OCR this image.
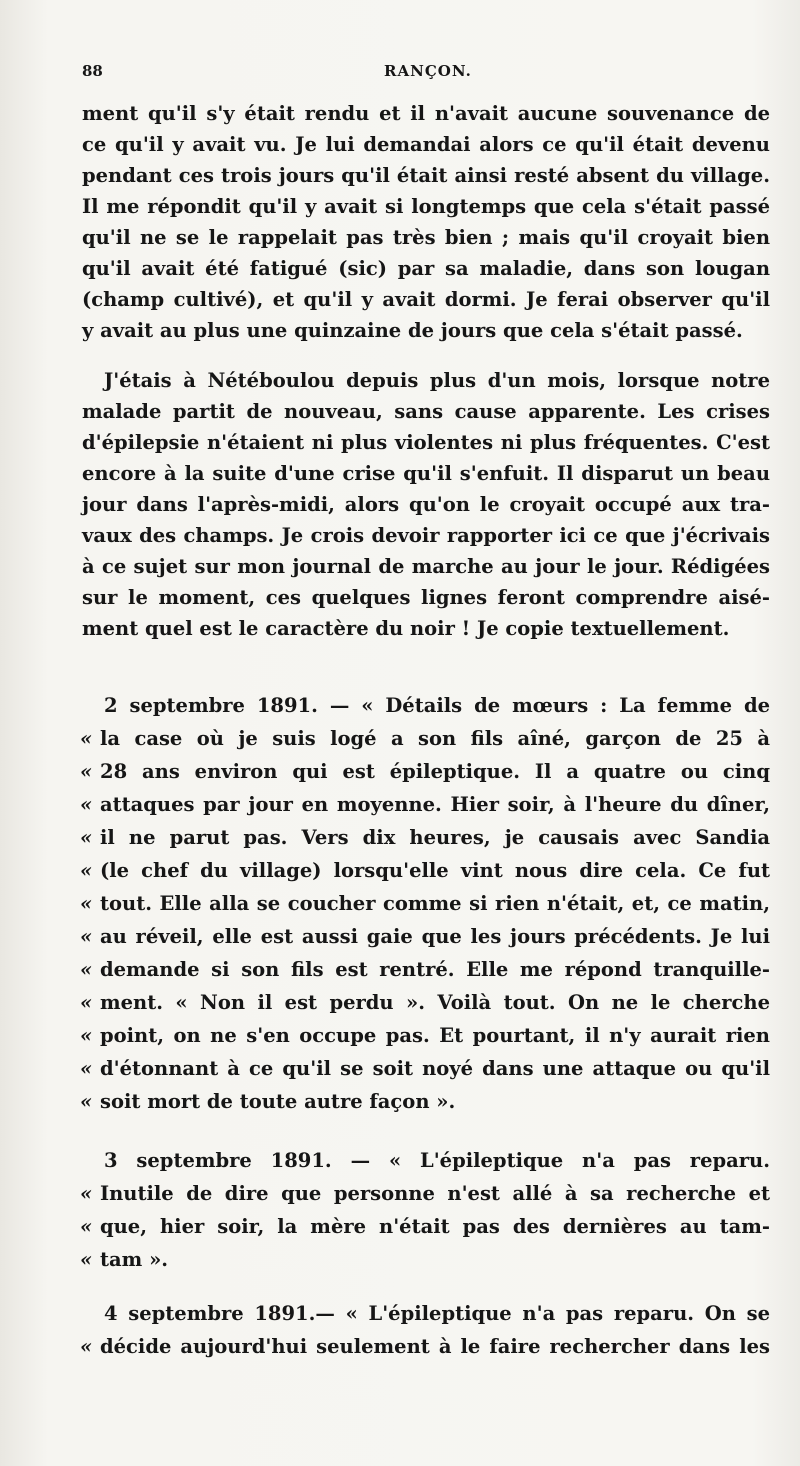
88	RANÇON.
ment qu'il s'y était rendu et il n'avait aucune souvenance de
ce qu'il y avait vu. Je lui demandai alors ce qu'il était devenu
pendant ces trois jours qu'il était ainsi resté absent du village.
Il me répondit qu'il y avait si longtemps que cela s'était passé
qu'il ne se le rappelait pas très bien ; mais qu'il croyait bien
qu'il avait été fatigué (sic) par sa maladie, dans son lougan
(champ cultivé), et qu'il y avait dormi. Je ferai observer qu'il
y avait au plus une quinzaine de jours que cela s'était passé.
J'étais à Nétéboulou depuis plus d'un mois, lorsque notre
malade partit de nouveau, sans cause apparente. Les crises
d'épilepsie n'étaient ni plus violentes ni plus fréquentes. C'est
encore à la suite d'une crise qu'il s'enfuit. Il disparut un beau
jour dans l'après-midi, alors qu'on le croyait occupé aux tra-
vaux des champs. Je crois devoir rapporter ici ce que j'écrivais
à ce sujet sur mon journal de marche au jour le jour. Rédigées
sur le moment, ces quelques lignes feront comprendre aisé-
ment quel est le caractère du noir ! Je copie textuellement.
2 septembre 1891. — « Détails de mœurs : La femme de
« la case où je suis logé a son fils aîné, garçon de 25 à
« 28 ans environ qui est épileptique. Il a quatre ou cinq
« attaques par jour en moyenne. Hier soir, à l'heure du dîner,
« il ne parut pas. Vers dix heures, je causais avec Sandia
« (le chef du village) lorsqu'elle vint nous dire cela. Ce fut
« tout. Elle alla se coucher comme si rien n'était, et, ce matin,
« au réveil, elle est aussi gaie que les jours précédents. Je lui
« demande si son fils est rentré. Elle me répond tranquille-
« ment. « Non il est perdu ». Voilà tout. On ne le cherche
« point, on ne s'en occupe pas. Et pourtant, il n'y aurait rien
« d'étonnant à ce qu'il se soit noyé dans une attaque ou qu'il
« soit mort de toute autre façon ».
3 septembre 1891. — « L'épileptique n'a pas reparu.
« Inutile de dire que personne n'est allé à sa recherche et
« que, hier soir, la mère n'était pas des dernières au tam-
« tam ».
4 septembre 1891.— « L'épileptique n'a pas reparu. On se
« décide aujourd'hui seulement à le faire rechercher dans les
